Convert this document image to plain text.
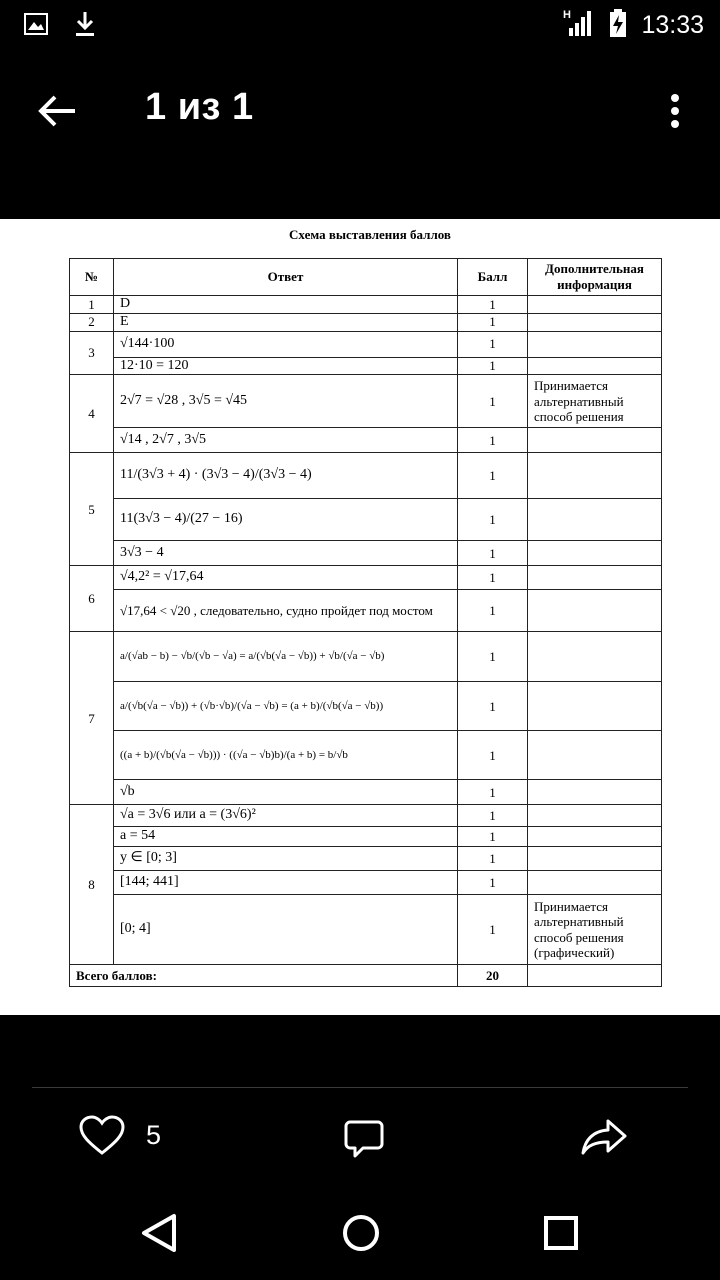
H	13:33
1 из 1
Схема выставления баллов
№	Ответ	Балл	Дополнительная информация
1	D	1	
2	E	1	
3	√144·100	1	
	12·10 = 120	1	
4	2√7 = √28 , 3√5 = √45	1	Принимается альтернативный способ решения
	√14 , 2√7 , 3√5	1	
5	11/(3√3 + 4) · (3√3 − 4)/(3√3 − 4)	1	
	11(3√3 − 4)/(27 − 16)	1	
	3√3 − 4	1	
6	√4,2² = √17,64	1	
	√17,64 < √20 , следовательно, судно пройдет под мостом	1	
7	a/(√ab − b) − √b/(√b − √a) = a/(√b(√a − √b)) + √b/(√a − √b)	1	
	a/(√b(√a − √b)) + (√b·√b)/(√a − √b) = (a + b)/(√b(√a − √b))	1	
	((a + b)/(√b(√a − √b))) · ((√a − √b)b)/(a + b) = b/√b	1	
	√b	1	
8	√a = 3√6 или a = (3√6)²	1	
	a = 54	1	
	y ∈ [0; 3]	1	
	[144; 441]	1	
	[0; 4]	1	Принимается альтернативный способ решения (графический)
Всего баллов:		20	
5
